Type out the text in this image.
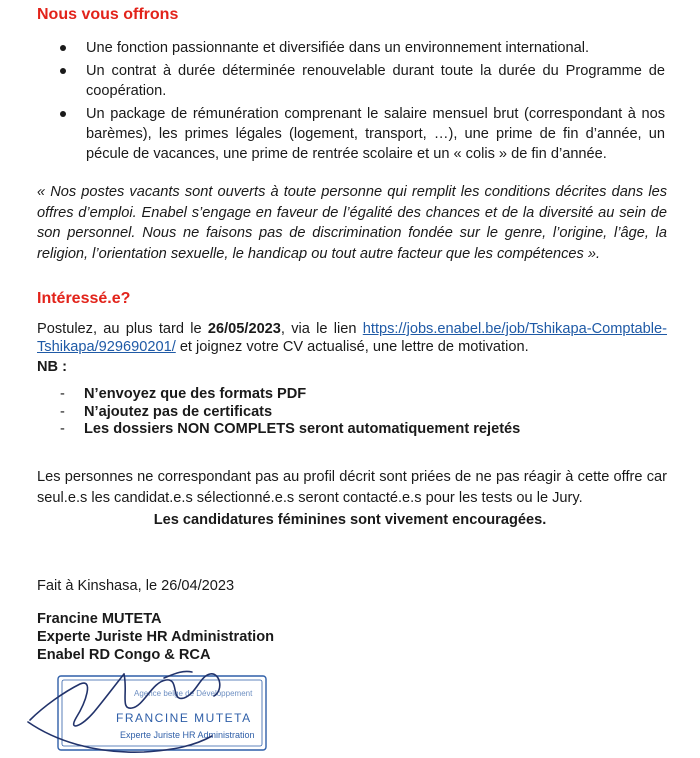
Nous vous offrons
Une fonction passionnante et diversifiée dans un environnement international.
Un contrat à durée déterminée renouvelable durant toute la durée du Programme de coopération.
Un package de rémunération comprenant le salaire mensuel brut (correspondant à nos barèmes), les primes légales (logement, transport, …), une prime de fin d’année, un pécule de vacances, une prime de rentrée scolaire et un « colis » de fin d’année.

« Nos postes vacants sont ouverts à toute personne qui remplit les conditions décrites dans les offres d’emploi. Enabel s’engage en faveur de l’égalité des chances et de la diversité au sein de son personnel. Nous ne faisons pas de discrimination fondée sur le genre, l’origine, l’âge, la religion, l’orientation sexuelle, le handicap ou tout autre facteur que les compétences ».

Intéressé.e?

Postulez, au plus tard le 26/05/2023, via le lien https://jobs.enabel.be/job/Tshikapa-Comptable-Tshikapa/929690201/ et joignez votre CV actualisé, une lettre de motivation.

NB :

- N’envoyez que des formats PDF
- N’ajoutez pas de certificats
- Les dossiers NON COMPLETS seront automatiquement rejetés

Les personnes ne correspondant pas au profil décrit sont priées de ne pas réagir à cette offre car seul.e.s les candidat.e.s sélectionné.e.s seront contacté.e.s pour les tests ou le Jury.

Les candidatures féminines sont vivement encouragées.

Fait à Kinshasa, le 26/04/2023

Francine MUTETA
Experte Juriste HR Administration
Enabel RD Congo & RCA
Agence belge de Développement
FRANCINE MUTETA
Experte Juriste HR Administration
